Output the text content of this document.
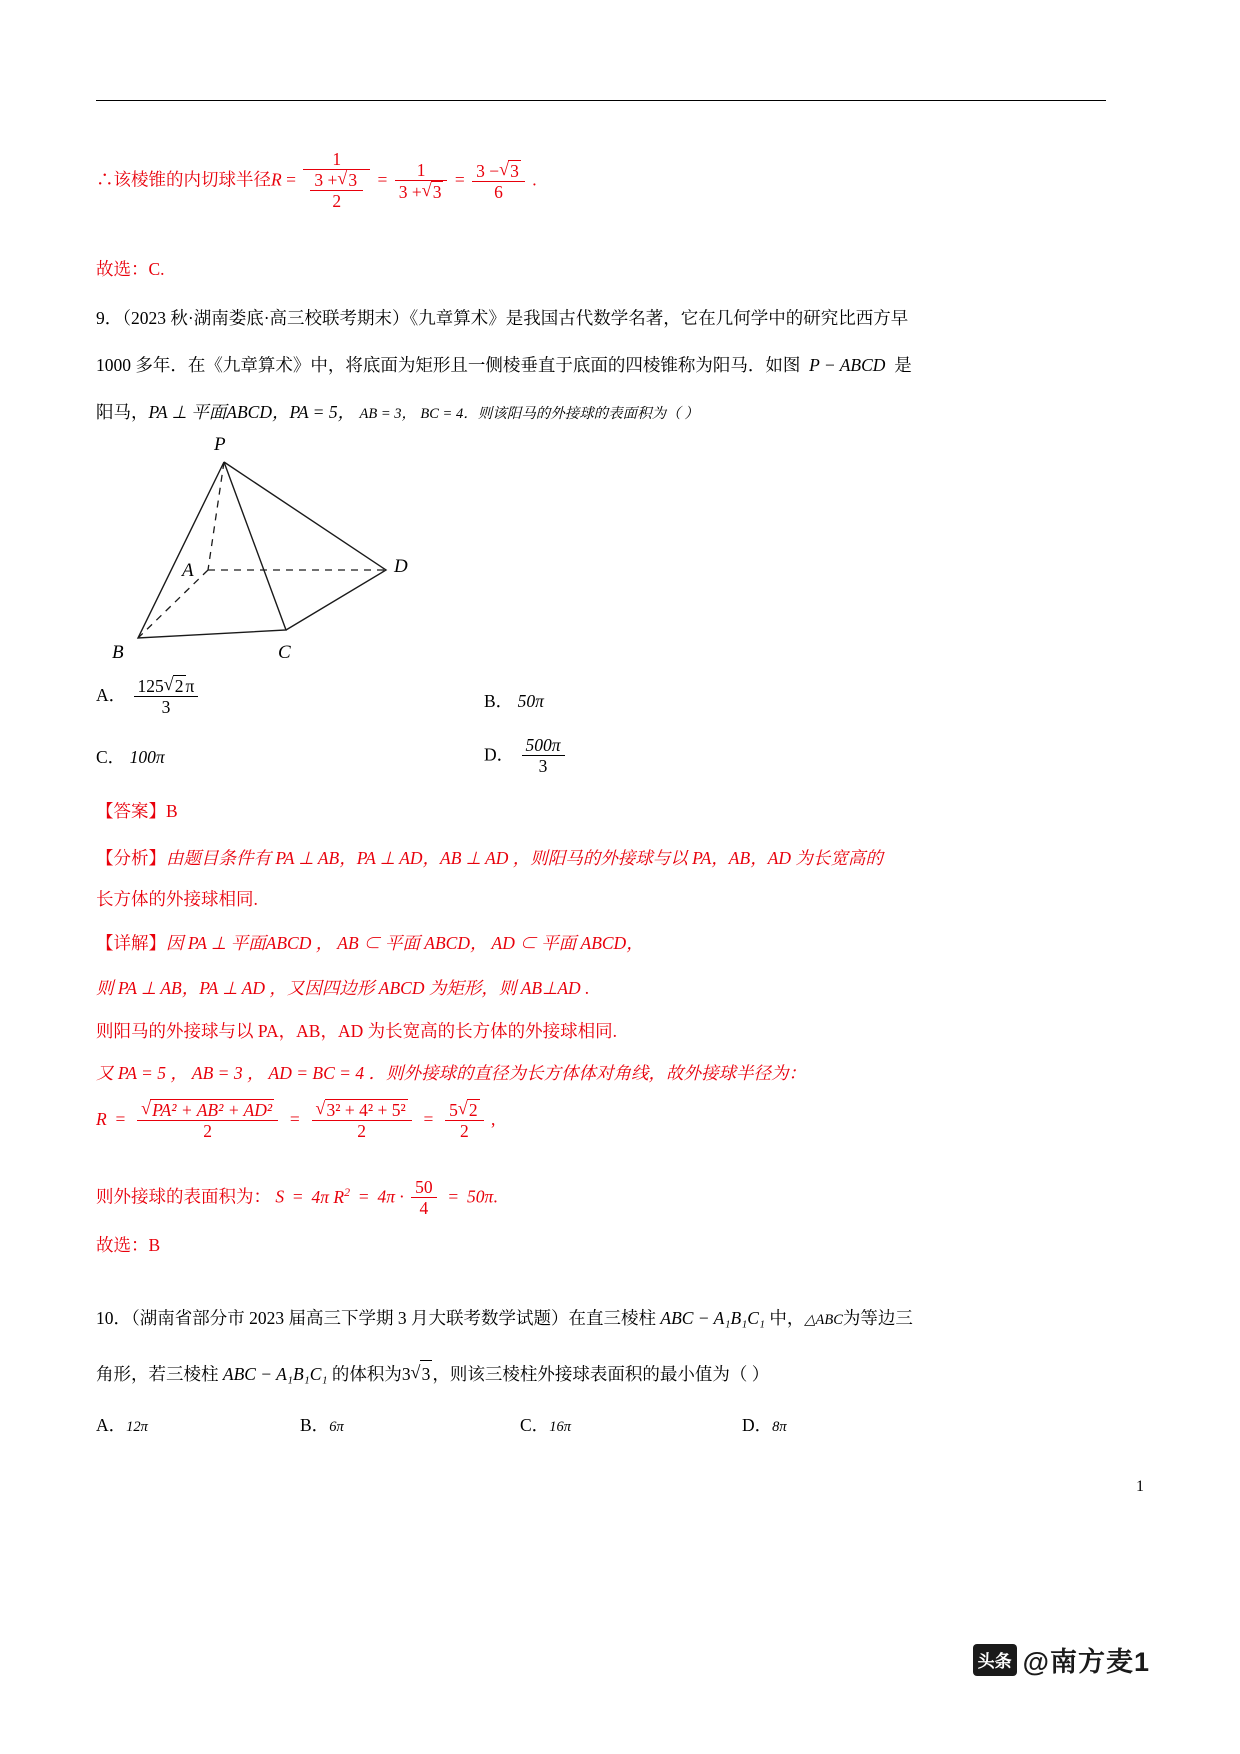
∴该棱锥的内切球半径$R = \frac{1}{\frac{3 + √ 3}{2}} = \frac{1}{3 + √ 3} = \frac{3 - √ 3}{6}$ .
故选：C.
9．（2023 秋·湖南娄底·高三校联考期末）《九章算术》是我国古代数学名著，它在几何学中的研究比西方早
1000 多年．在《九章算术》中，将底面为矩形且一侧棱垂直于底面的四棱锥称为阳马．如图 P − ABCD 是
阳马，PA ⊥ 平面ABCD，PA = 5， AB = 3， BC = 4．则该阳马的外接球的表面积为（ ）
P
A
B	C
D
A． $\frac{125 √ 2 \pi}{3}$	B． 50π
C． 100π	D． $\frac{500\pi}{3}$
【答案】B
【分析】由题目条件有 PA ⊥ AB，PA ⊥ AD，AB ⊥ AD ，则阳马的外接球与以 PA，AB，AD 为长宽高的
长方体的外接球相同.
【详解】因 PA ⊥ 平面ABCD ， AB ⊂ 平面 ABCD， AD ⊂ 平面 ABCD，
则 PA ⊥ AB，PA ⊥ AD ，又因四边形 ABCD 为矩形，则 AB⊥AD .
则阳马的外接球与以 PA，AB，AD 为长宽高的长方体的外接球相同.
又 PA = 5 ， AB = 3 ， AD = BC = 4 ．则外接球的直径为长方体体对角线，故外接球半径为：
R = √ $\frac{\text{PA² + AB² + AD²}}{2}$ = √ $\frac{\text{3² + 4² + 5²}}{2} = \frac{5 √ 2}{2}$ ,
则外接球的表面积为： S = 4π $R^2 = 4\pi \cdot \frac{50}{4} = 50\pi$.
故选：B
10．（湖南省部分市 2023 届高三下学期 3 月大联考数学试题）在直三棱柱 ABC − A₁B₁C₁ 中，△ABC为等边三
角形，若三棱柱 ABC − A₁B₁C₁ 的体积为3 √ 3 ，则该三棱柱外接球表面积的最小值为（ ）
A．12π	B．6π	C．16π	D．8π
1
头条 @南方麦1
